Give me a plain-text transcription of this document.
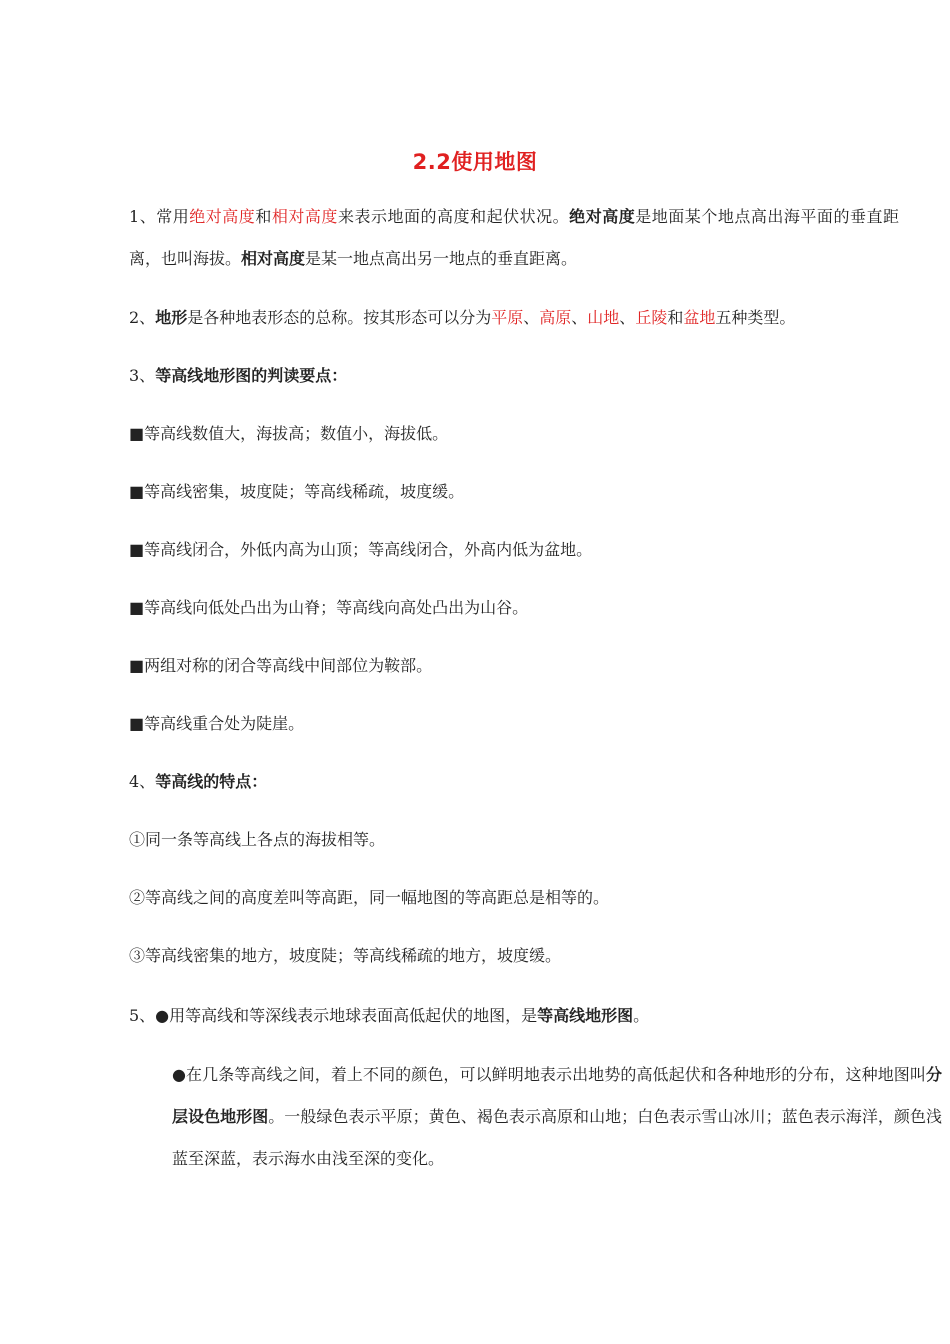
2.2使用地图
1、常用绝对高度和相对高度来表示地面的高度和起伏状况。绝对高度是地面某个地点高出海平面的垂直距离，也叫海拔。相对高度是某一地点高出另一地点的垂直距离。
2、地形是各种地表形态的总称。按其形态可以分为平原、高原、山地、丘陵和盆地五种类型。
3、等高线地形图的判读要点：
■等高线数值大，海拔高；数值小，海拔低。
■等高线密集，坡度陡；等高线稀疏，坡度缓。
■等高线闭合，外低内高为山顶；等高线闭合，外高内低为盆地。
■等高线向低处凸出为山脊；等高线向高处凸出为山谷。
■两组对称的闭合等高线中间部位为鞍部。
■等高线重合处为陡崖。
4、等高线的特点：
①同一条等高线上各点的海拔相等。
②等高线之间的高度差叫等高距，同一幅地图的等高距总是相等的。
③等高线密集的地方，坡度陡；等高线稀疏的地方，坡度缓。
5、●用等高线和等深线表示地球表面高低起伏的地图，是等高线地形图。
●在几条等高线之间，着上不同的颜色，可以鲜明地表示出地势的高低起伏和各种地形的分布，这种地图叫分层设色地形图。一般绿色表示平原；黄色、褐色表示高原和山地；白色表示雪山冰川；蓝色表示海洋，颜色浅蓝至深蓝，表示海水由浅至深的变化。
